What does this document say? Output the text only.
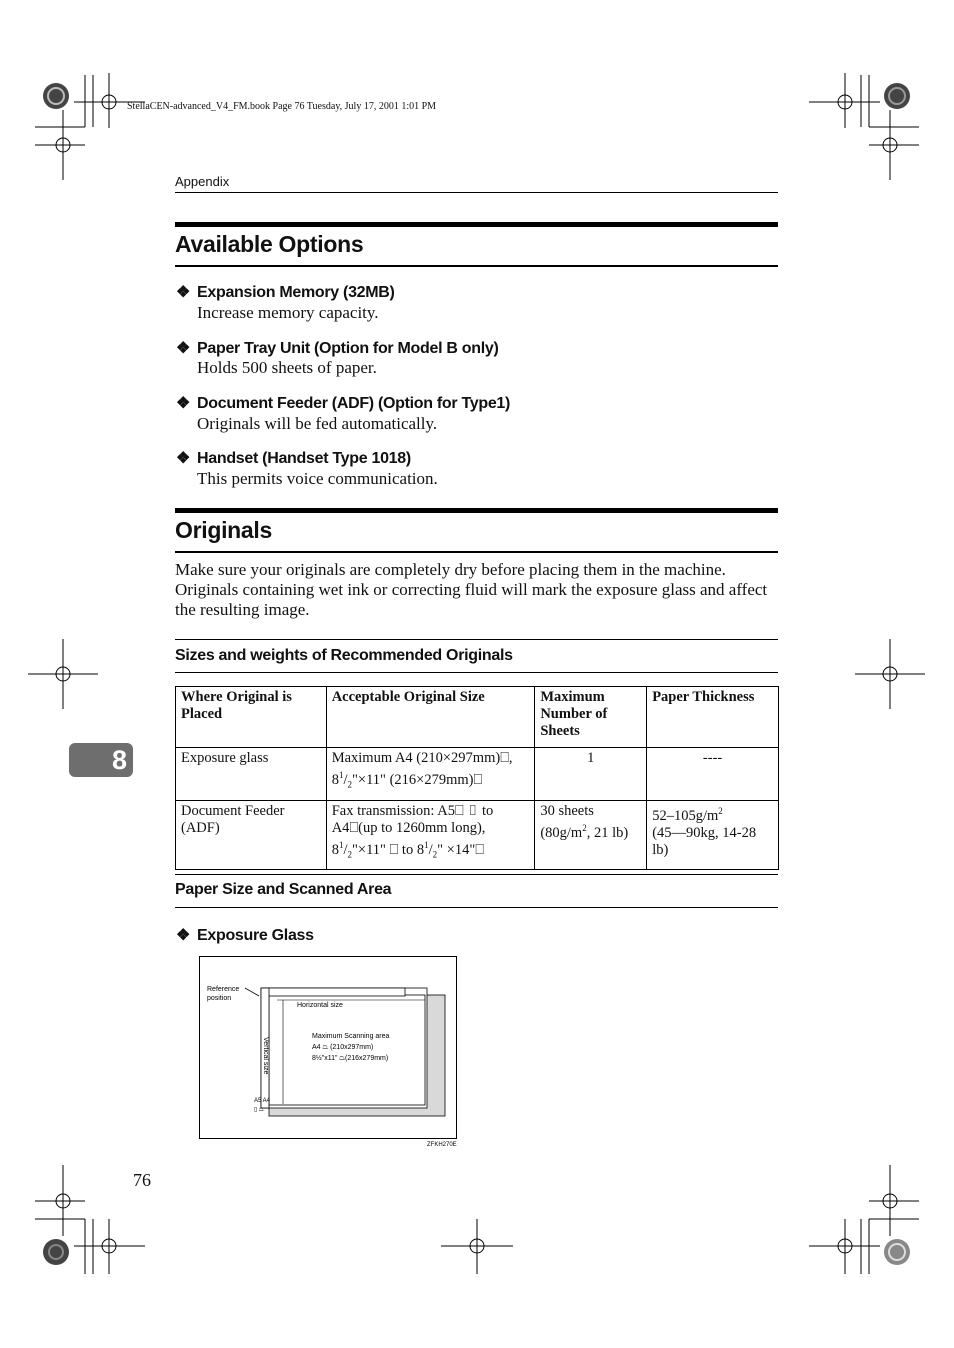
StellaCEN-advanced_V4_FM.book Page 76 Tuesday, July 17, 2001 1:01 PM
Appendix
8
Available Options
❖ Expansion Memory (32MB)
Increase memory capacity.
❖ Paper Tray Unit (Option for Model B only)
Holds 500 sheets of paper.
❖ Document Feeder (ADF) (Option for Type1)
Originals will be fed automatically.
❖ Handset (Handset Type 1018)
This permits voice communication.
Originals
Make sure your originals are completely dry before placing them in the machine. Originals containing wet ink or correcting fluid will mark the exposure glass and affect the resulting image.
Sizes and weights of Recommended Originals
Where Original is Placed	Acceptable Original Size	Maximum Number of Sheets	Paper Thickness
Exposure glass	Maximum A4 (210×297mm)⎕,
$8^1/_2"\times 11$" (216×279mm)⎕	1	----
Document Feeder (ADF)	Fax transmission: A5⎕ ▯ to
A4⎕(up to 1260mm long),
$8^1/_2"\times 11$" ⎕ to $8^1/_2$" ×14"⎕	30 sheets
($80g/m^2$, 21 lb)	$52-105g/m^2$
(45—90kg, 14-28 lb)
Paper Size and Scanned Area
❖ Exposure Glass
Reference
position
Horizontal size
Vertical size
Maximum Scanning area
A4 ⏢ (210x297mm)
8½"x11" ⏢(216x279mm)
A5 A4
▯ ⏢
ZFKH270E
76
